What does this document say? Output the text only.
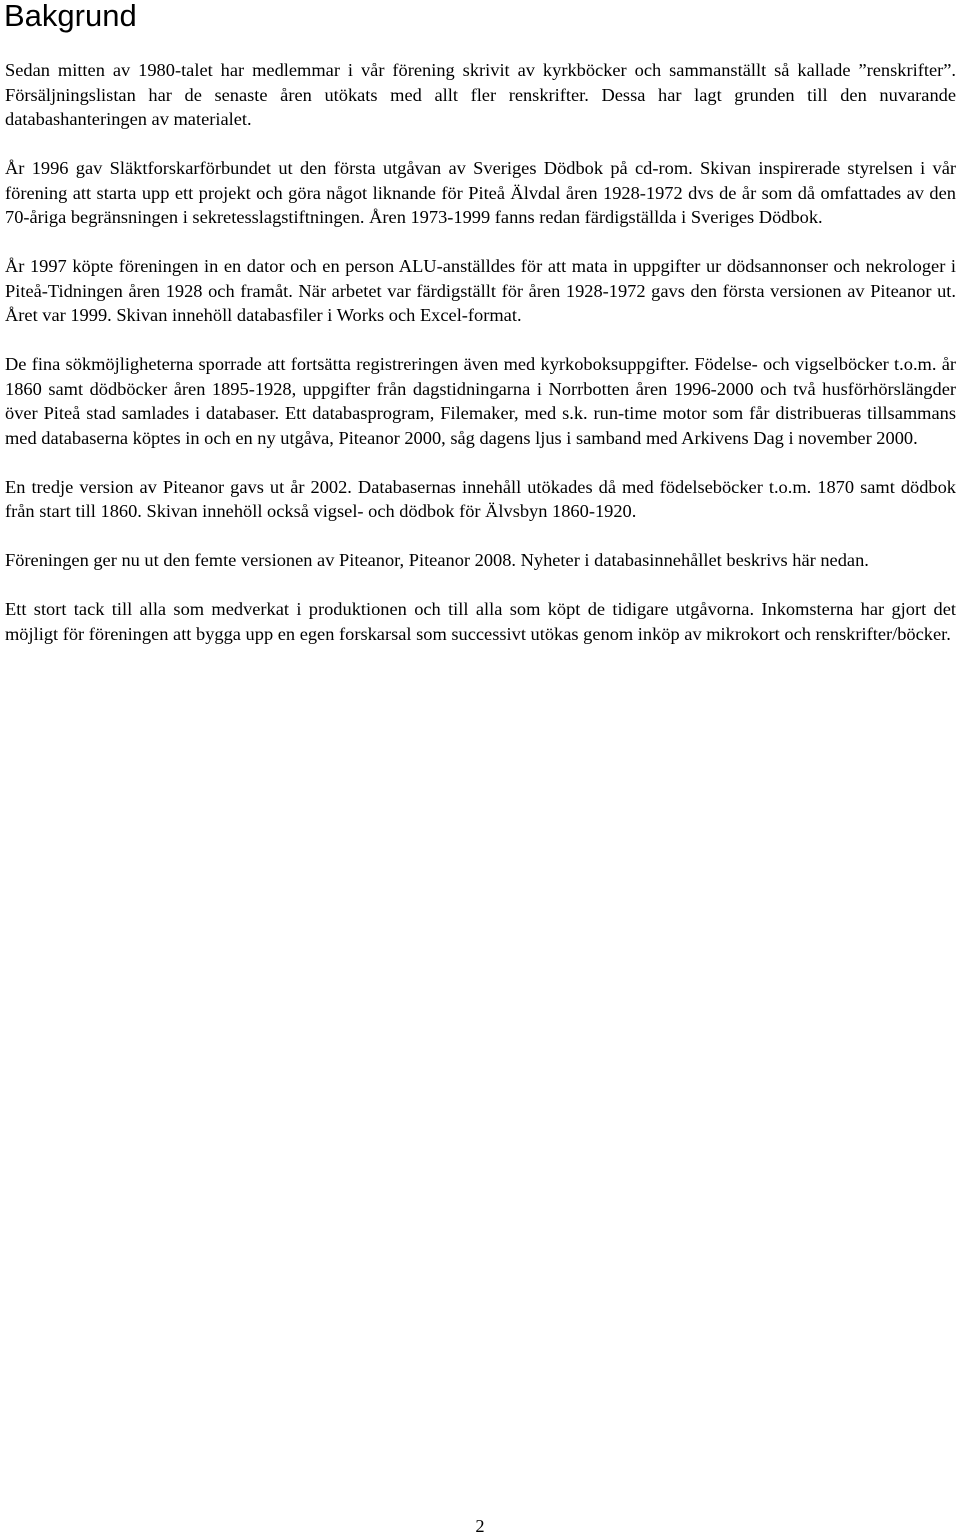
Bakgrund

Sedan mitten av 1980-talet har medlemmar i vår förening skrivit av kyrkböcker och sammanställt så kallade ”renskrifter”. Försäljningslistan har de senaste åren utökats med allt fler renskrifter. Dessa har lagt grunden till den nuvarande databashanteringen av materialet.

År 1996 gav Släktforskarförbundet ut den första utgåvan av Sveriges Dödbok på cd-rom. Skivan inspirerade styrelsen i vår förening att starta upp ett projekt och göra något liknande för Piteå Älvdal åren 1928-1972 dvs de år som då omfattades av den 70-åriga begränsningen i sekretesslagstiftningen. Åren 1973-1999 fanns redan färdigställda i Sveriges Dödbok.

År 1997 köpte föreningen in en dator och en person ALU-anställdes för att mata in uppgifter ur dödsannonser och nekrologer i Piteå-Tidningen åren 1928 och framåt. När arbetet var färdigställt för åren 1928-1972 gavs den första versionen av Piteanor ut. Året var 1999. Skivan innehöll databasfiler i Works och Excel-format.

De fina sökmöjligheterna sporrade att fortsätta registreringen även med kyrkoboksuppgifter. Födelse- och vigselböcker t.o.m. år 1860 samt dödböcker åren 1895-1928, uppgifter från dagstidningarna i Norrbotten åren 1996-2000 och två husförhörslängder över Piteå stad samlades i databaser. Ett databasprogram, Filemaker, med s.k. run-time motor som får distribueras tillsammans med databaserna köptes in och en ny utgåva, Piteanor 2000, såg dagens ljus i samband med Arkivens Dag i november 2000.

En tredje version av Piteanor gavs ut år 2002. Databasernas innehåll utökades då med födelseböcker t.o.m. 1870 samt dödbok från start till 1860. Skivan innehöll också vigsel- och dödbok för Älvsbyn 1860-1920.

Föreningen ger nu ut den femte versionen av Piteanor, Piteanor 2008. Nyheter i databasinnehållet beskrivs här nedan.

Ett stort tack till alla som medverkat i produktionen och till alla som köpt de tidigare utgåvorna. Inkomsterna har gjort det möjligt för föreningen att bygga upp en egen forskarsal som successivt utökas genom inköp av mikrokort och renskrifter/böcker.

2
